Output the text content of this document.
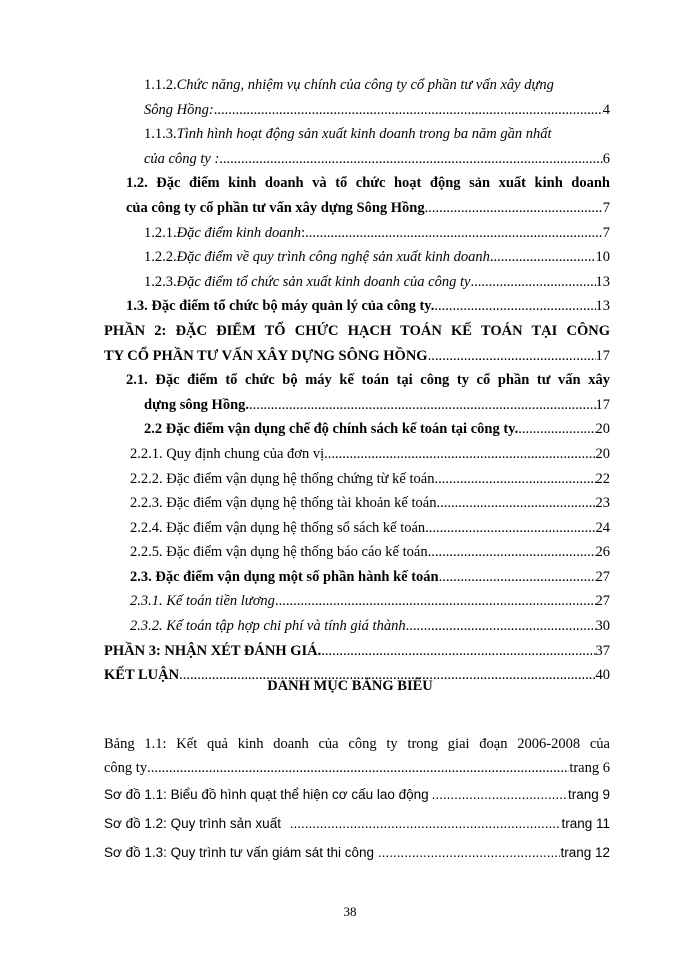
1.1.2. Chức năng, nhiệm vụ chính của công ty cổ phần tư vấn xây dựng
Sông Hồng: .....	4
1.1.3. Tình hình hoạt động sản xuất kinh doanh trong ba năm gần nhất
của công ty : .....	6
1.2. Đặc điểm kinh doanh và tổ chức hoạt động sản xuất kinh doanh
của công ty cổ phần tư vấn xây dựng Sông Hồng .....	7
1.2.1. Đặc điểm kinh doanh : .....	7
1.2.2. Đặc điểm về quy trình công nghệ sản xuất kinh doanh .....	10
1.2.3. Đặc điểm tổ chức sản xuất kinh doanh của công ty .....	13
1.3. Đặc điểm tổ chức bộ máy quản lý của công ty. .....	13
PHẦN 2: ĐẶC ĐIỂM TỔ CHỨC HẠCH TOÁN KẾ TOÁN TẠI CÔNG
TY CỔ PHẦN TƯ VẤN XÂY DỰNG SÔNG HỒNG .....	17
2.1. Đặc điểm tổ chức bộ máy kế toán tại công ty cổ phần tư vấn xây
dựng sông Hồng. .....	17
2.2 Đặc điểm vận dụng chế độ chính sách kế toán tại công ty. .....	20
2.2.1. Quy định chung của đơn vị. .....	20
2.2.2. Đặc điểm vận dụng hệ thống chứng từ kế toán. .....	22
2.2.3. Đặc điểm vận dụng hệ thống tài khoản kế toán. .....	23
2.2.4. Đặc điểm vận dụng hệ thống sổ sách kế toán. .....	24
2.2.5. Đặc điểm vận dụng hệ thống báo cáo kế toán. .....	26
2.3. Đặc điểm vận dụng một số phần hành kế toán .....	27
2.3.1. Kế toán tiền lương .....	27
2.3.2. Kế toán tập hợp chi phí và tính giá thành .....	30
PHẦN 3: NHẬN XÉT ĐÁNH GIÁ. .....	37
KẾT LUẬN .....	40
DANH MỤC BẢNG BIỂU
Bảng 1.1: Kết quả kinh doanh của công ty trong giai đoạn 2006-2008 của
công ty .....	trang 6
Sơ đồ 1.1: Biểu đồ hình quạt thể hiện cơ cấu lao động .....	trang 9
Sơ đồ 1.2: Quy trình sản xuất .....	trang 11
Sơ đồ 1.3: Quy trình tư vấn giám sát thi công .....	trang 12
38
